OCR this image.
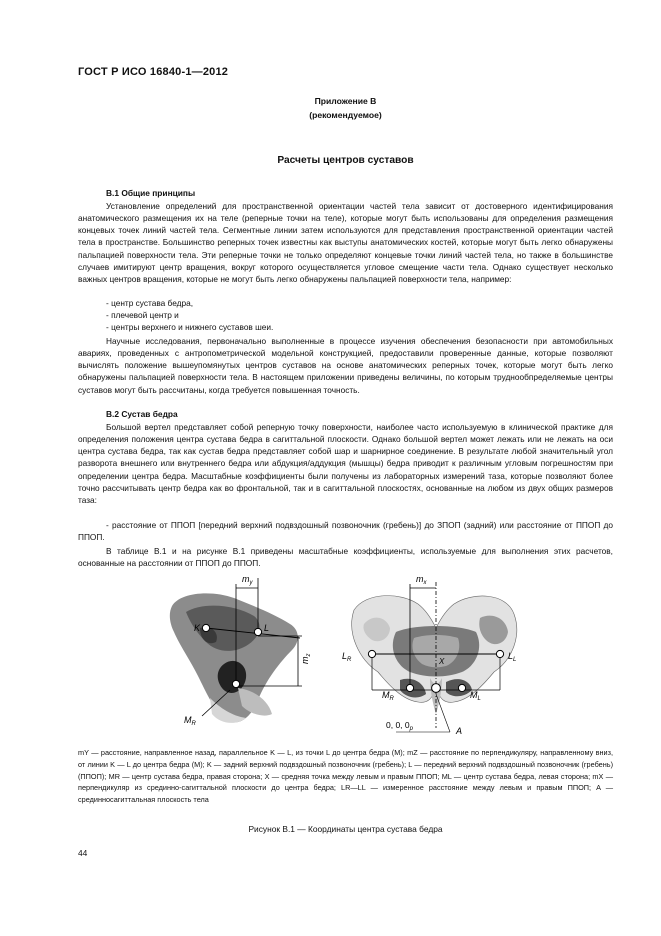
ГОСТ Р ИСО 16840-1—2012
Приложение В
(рекомендуемое)
Расчеты центров суставов
В.1 Общие принципы

Установление определений для пространственной ориентации частей тела зависит от достоверного идентифицирования анатомического размещения их на теле (реперные точки на теле), которые могут быть использованы для определения размещения концевых точек линий частей тела. Сегментные линии затем используются для представления пространственной ориентации частей тела в пространстве. Большинство реперных точек известны как выступы анатомических костей, которые могут быть легко обнаружены пальпацией поверхности тела. Эти реперные точки не только определяют концевые точки линий частей тела, но также в большинстве случаев имитируют центр вращения, вокруг которого осуществляется угловое смещение части тела. Однако существует несколько важных центров вращения, которые не могут быть легко обнаружены пальпацией поверхности тела, например:

- центр сустава бедра,
- плечевой центр и
- центры верхнего и нижнего суставов шеи.

Научные исследования, первоначально выполненные в процессе изучения обеспечения безопасности при автомобильных авариях, проведенных с антропометрической модельной конструкцией, предоставили проверенные данные, которые позволяют вычислять положение вышеупомянутых центров суставов на основе анатомических реперных точек, которые могут быть легко обнаружены пальпацией поверхности тела. В настоящем приложении приведены величины, по которым труднообпределяемые центры суставов могут быть рассчитаны, когда требуется повышенная точность.

В.2 Сустав бедра

Большой вертел представляет собой реперную точку поверхности, наиболее часто используемую в клинической практике для определения положения центра сустава бедра в сагиттальной плоскости. Однако большой вертел может лежать или не лежать на оси центра сустава бедра, так как сустав бедра представляет собой шар и шарнирное соединение. В результате любой значительный угол разворота внешнего или внутреннего бедра или абдукция/аддукция (мышцы) бедра приводит к различным угловым погрешностям при определении центра бедра. Масштабные коэффициенты были получены из лабораторных измерений таза, которые позволяют более точно рассчитывать центр бедра как во фронтальной, так и в сагиттальной плоскостях, основанные на любом из двух общих размеров таза:

- расстояние от ППОП [передний верхний подвздошный позвоночник (гребень)] до ЗПОП (задний) или расстояние от ППОП до ППОП.

В таблице В.1 и на рисунке В.1 приведены масштабные коэффициенты, используемые для выполнения этих расчетов, основанные на расстоянии от ППОП до ППОП.

$m_y$
$m_z$
K	L
$M_R$
$m_x$
$L_R$	$L_L$
$M_R$	$M_L$
X
0, 0, $0_p$	A

mY — расстояние, направленное назад, параллельное K — L, из точки L до центра бедра (M); mZ — расстояние по перпендикуляру, направленному вниз, от линии K — L до центра бедра (M); K — задний верхний подвздошный позвоночник (гребень); L — передний верхний подвздошный позвоночник (гребень) (ППОП); MR — центр сустава бедра, правая сторона; X — средняя точка между левым и правым ППОП; ML — центр сустава бедра, левая сторона; mX — перпендикуляр из срединно-сагиттальной плоскости до центра бедра; LR—LL — измеренное расстояние между левым и правым ППОП; A — срединносагиттальная плоскость тела

Рисунок В.1 — Координаты центра сустава бедра
44
